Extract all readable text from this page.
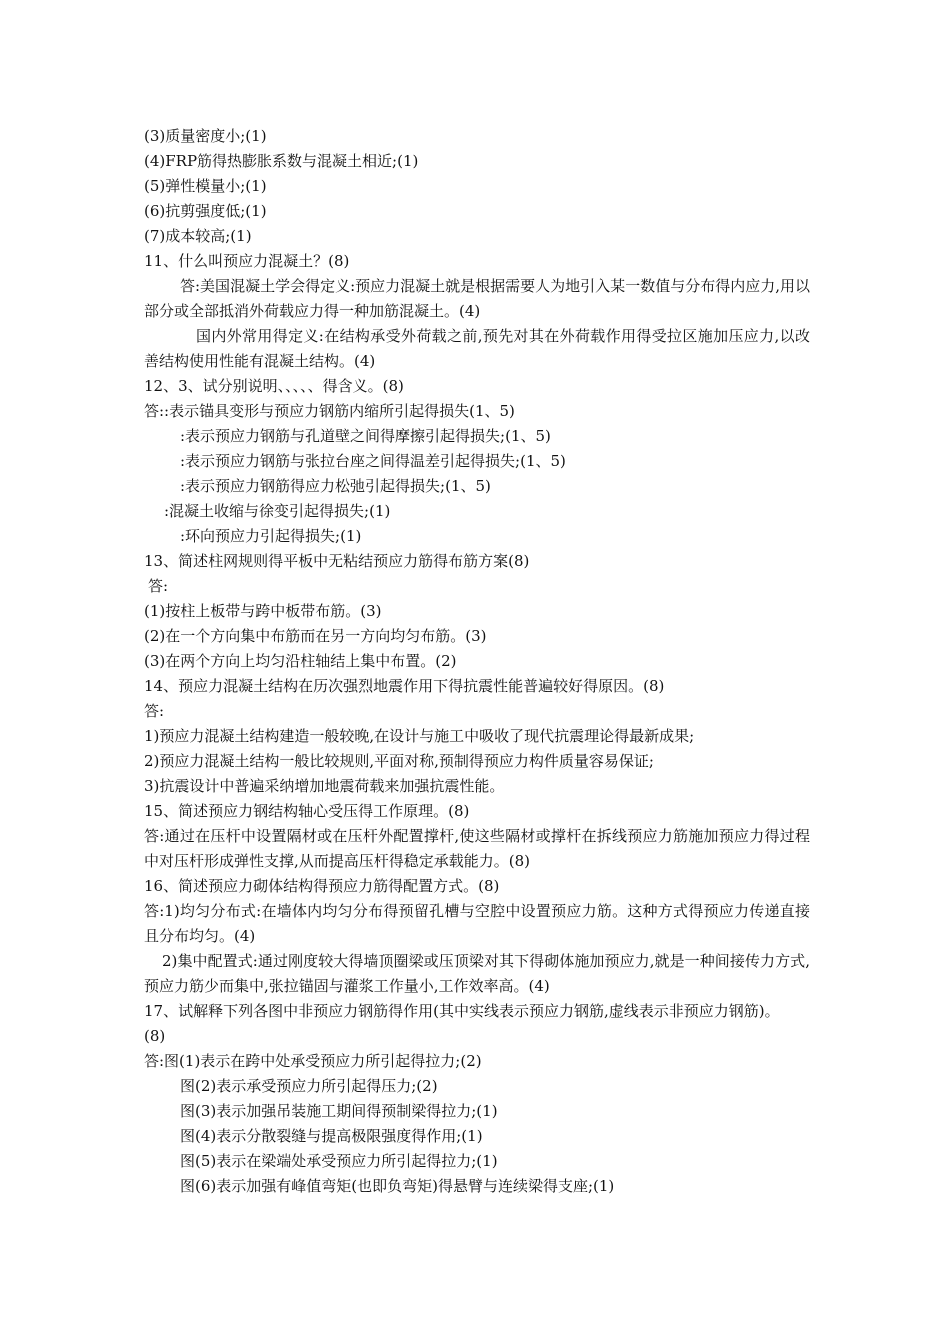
(3)质量密度小;(1)
(4)FRP筋得热膨胀系数与混凝土相近;(1)
(5)弹性模量小;(1)
(6)抗剪强度低;(1)
(7)成本较高;(1)
11、什么叫预应力混凝土？(8)
答:美国混凝土学会得定义:预应力混凝土就是根据需要人为地引入某一数值与分布得内应力,用以部分或全部抵消外荷载应力得一种加筋混凝土。(4)
国内外常用得定义:在结构承受外荷载之前,预先对其在外荷载作用得受拉区施加压应力,以改善结构使用性能有混凝土结构。(4)
12、3、试分别说明、、、、、得含义。(8)
答::表示锚具变形与预应力钢筋内缩所引起得损失(1、5)
:表示预应力钢筋与孔道壁之间得摩擦引起得损失;(1、5)
:表示预应力钢筋与张拉台座之间得温差引起得损失;(1、5)
:表示预应力钢筋得应力松弛引起得损失;(1、5)
:混凝土收缩与徐变引起得损失;(1)
:环向预应力引起得损失;(1)
13、简述柱网规则得平板中无粘结预应力筋得布筋方案(8)
答:
(1)按柱上板带与跨中板带布筋。(3)
(2)在一个方向集中布筋而在另一方向均匀布筋。(3)
(3)在两个方向上均匀沿柱轴结上集中布置。(2)
14、预应力混凝土结构在历次强烈地震作用下得抗震性能普遍较好得原因。(8)
答:
1)预应力混凝土结构建造一般较晚,在设计与施工中吸收了现代抗震理论得最新成果;
2)预应力混凝土结构一般比较规则,平面对称,预制得预应力构件质量容易保证;
3)抗震设计中普遍采纳增加地震荷载来加强抗震性能。
15、简述预应力钢结构轴心受压得工作原理。(8)
答:通过在压杆中设置隔材或在压杆外配置撑杆,使这些隔材或撑杆在拆线预应力筋施加预应力得过程中对压杆形成弹性支撑,从而提高压杆得稳定承载能力。(8)
16、简述预应力砌体结构得预应力筋得配置方式。(8)
答:1)均匀分布式:在墙体内均匀分布得预留孔槽与空腔中设置预应力筋。这种方式得预应力传递直接且分布均匀。(4)
2)集中配置式:通过刚度较大得墙顶圈梁或压顶梁对其下得砌体施加预应力,就是一种间接传力方式,预应力筋少而集中,张拉锚固与灌浆工作量小,工作效率高。(4)
17、试解释下列各图中非预应力钢筋得作用(其中实线表示预应力钢筋,虚线表示非预应力钢筋)。
(8)
答:图(1)表示在跨中处承受预应力所引起得拉力;(2)
图(2)表示承受预应力所引起得压力;(2)
图(3)表示加强吊装施工期间得预制梁得拉力;(1)
图(4)表示分散裂缝与提高极限强度得作用;(1)
图(5)表示在梁端处承受预应力所引起得拉力;(1)
图(6)表示加强有峰值弯矩(也即负弯矩)得悬臂与连续梁得支座;(1)
